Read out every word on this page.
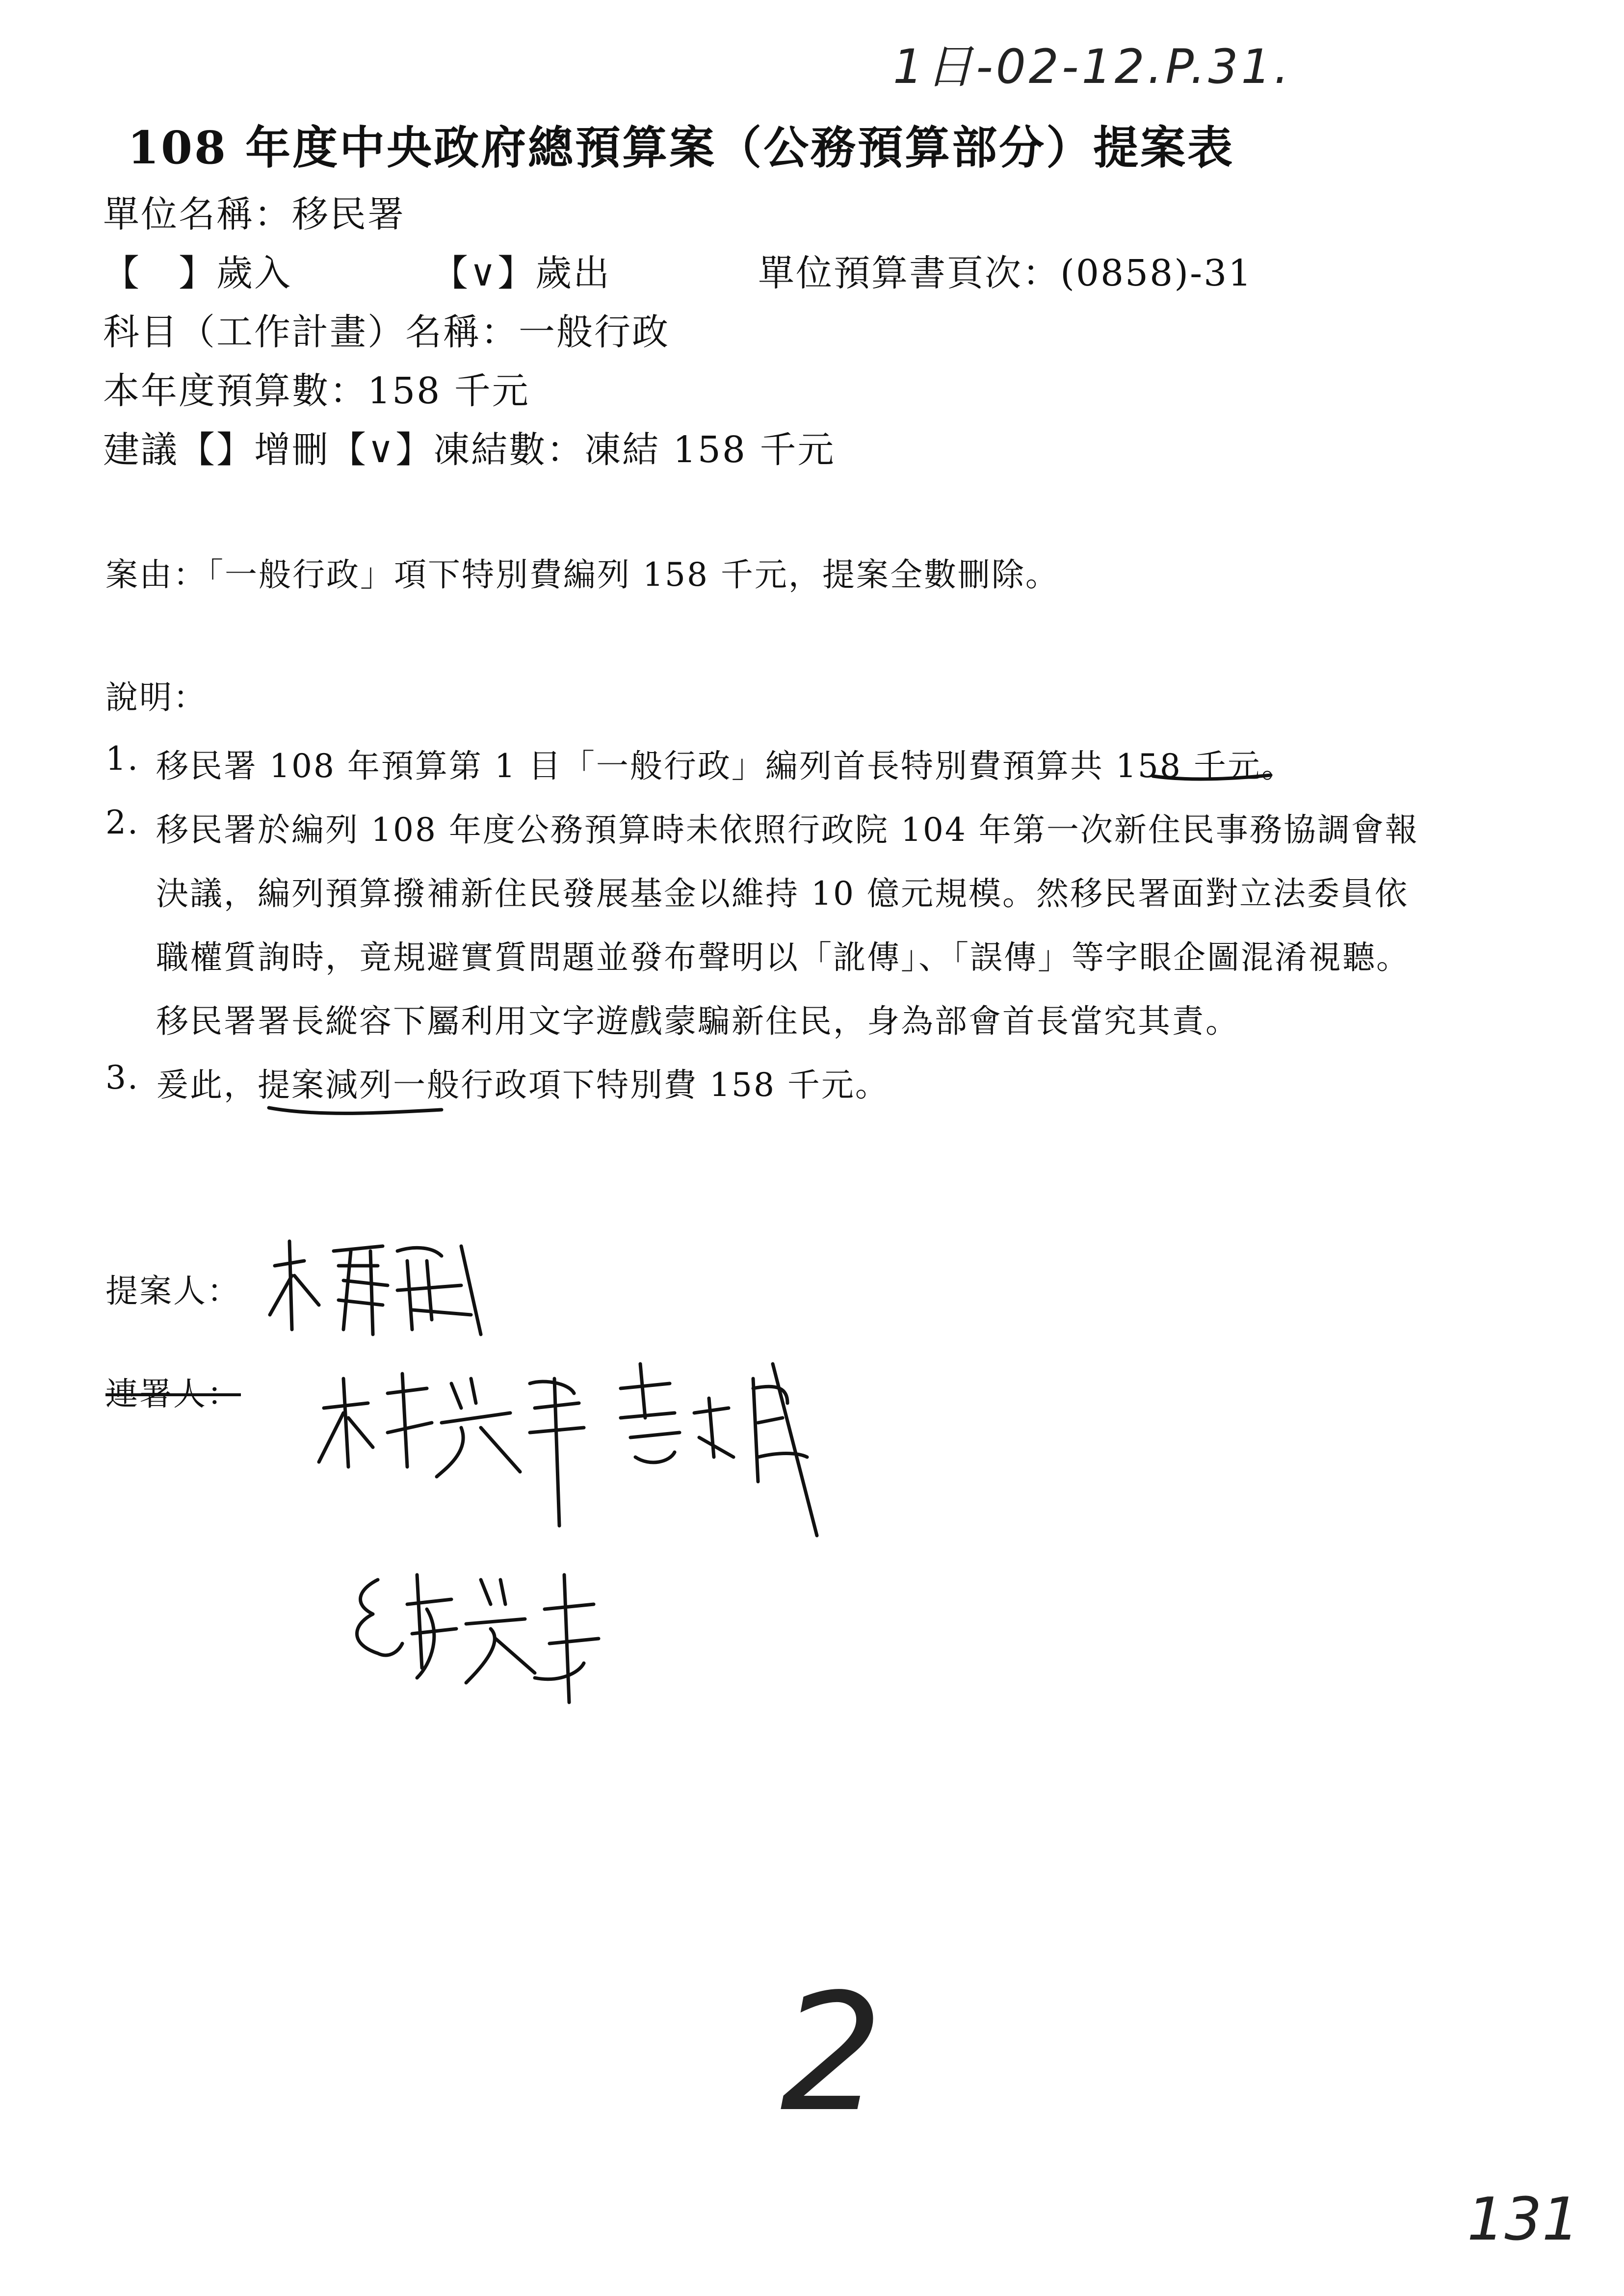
1日-02-12.P.31.
108 年度中央政府總預算案（公務預算部分）提案表
單位名稱：移民署
【　】歲入	【∨】歲出	單位預算書頁次：(0858)-31
科目（工作計畫）名稱：一般行政
本年度預算數：158 千元
建議【】增刪【∨】凍結數：凍結 158 千元
案由：「一般行政」項下特別費編列 158 千元，提案全數刪除。
說明：
1. 移民署 108 年預算第 1 目「一般行政」編列首長特別費預算共 158 千元。
2. 移民署於編列 108 年度公務預算時未依照行政院 104 年第一次新住民事務協調會報
決議，編列預算撥補新住民發展基金以維持 10 億元規模。然移民署面對立法委員依
職權質詢時，竟規避實質問題並發布聲明以「訛傳」、「誤傳」等字眼企圖混淆視聽。
移民署署長縱容下屬利用文字遊戲蒙騙新住民，身為部會首長當究其責。
3. 爰此，提案減列一般行政項下特別費 158 千元。
提案人：
連署人：
2
131
